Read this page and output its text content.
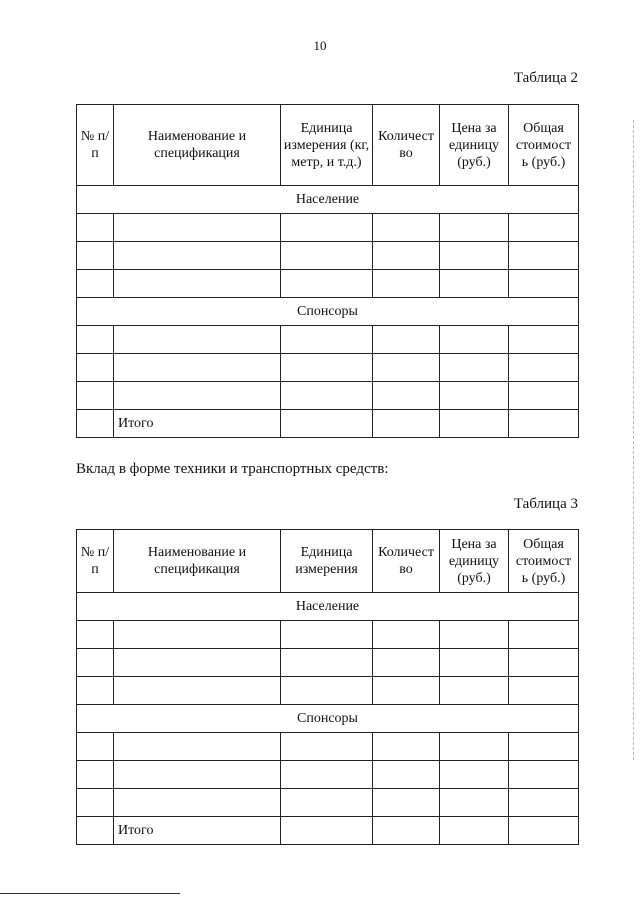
10
Таблица 2
№ п/п	Наименование и спецификация	Единица измерения (кг, метр, и т.д.)	Количест во	Цена за единицу (руб.)	Общая стоимост ь (руб.)
Население					

Спонсоры					

	Итого				
Вклад в форме техники и транспортных средств:
Таблица 3
№ п/п	Наименование и спецификация	Единица измерения	Количест во	Цена за единицу (руб.)	Общая стоимост ь (руб.)
Население					

Спонсоры					

	Итого				
